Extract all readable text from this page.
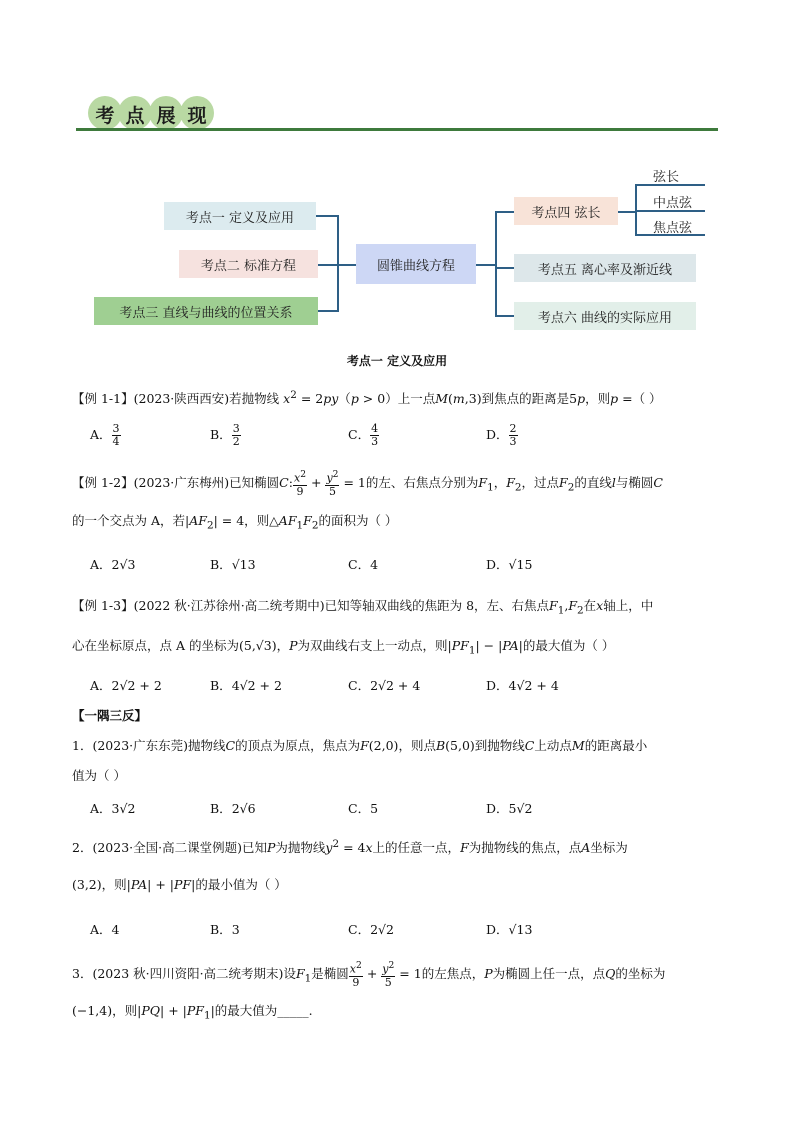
考 点 展 现
圆锥曲线方程
考点一 定义及应用
考点二 标准方程
考点三 直线与曲线的位置关系
考点四 弦长
考点五 离心率及渐近线
考点六 曲线的实际应用
弦长
中点弦
焦点弦
考点一 定义及应用
【例 1-1】(2023·陕西西安)若抛物线 $x^2 = 2py(p > 0)$上一点M(m,3)到焦点的距离是5p，则p =（ ）
A． $\frac{3}{4}$	B． $\frac{3}{2}$	C． $\frac{4}{3}$	D． $\frac{2}{3}$
【例 1-2】(2023·广东梅州)已知椭圆C: $\frac{x^2}{9} + \frac{y^2}{5} = 1$的左、右焦点分别为$F_1$，$F_2$，过点$F_2$的直线l与椭圆C
的一个交点为 A，若$|AF_2| = 4$，则$\triangle AF_1F_2$的面积为（ ）
A．2√3	B．√13	C．4	D．√15
【例 1-3】(2022 秋·江苏徐州·高二统考期中)已知等轴双曲线的焦距为 8，左、右焦点$F_1,F_2$在x轴上，中
心在坐标原点，点 A 的坐标为(5,√3)，P为双曲线右支上一动点，则$|PF_1| - |PA|$的最大值为（ ）
A．2√2 + 2	B．4√2 + 2	C．2√2 + 4	D．4√2 + 4
【一隅三反】
1．(2023·广东东莞)抛物线C的顶点为原点，焦点为F(2,0)，则点B(5,0)到抛物线C上动点M的距离最小
值为（ ）
A．3√2	B．2√6	C．5	D．5√2
2．(2023·全国·高二课堂例题)已知P为抛物线$y^2 = 4x$上的任意一点，F为抛物线的焦点，点A坐标为
(3,2)，则|PA| + |PF|的最小值为（ ）
A．4	B．3	C．2√2	D．√13
3．(2023 秋·四川资阳·高二统考期末)设$F_1$是椭圆 $\frac{x^2}{9} + \frac{y^2}{5} = 1$的左焦点，P为椭圆上任一点，点Q的坐标为
(−1,4)，则$|PQ| + |PF_1|$的最大值为_____.
